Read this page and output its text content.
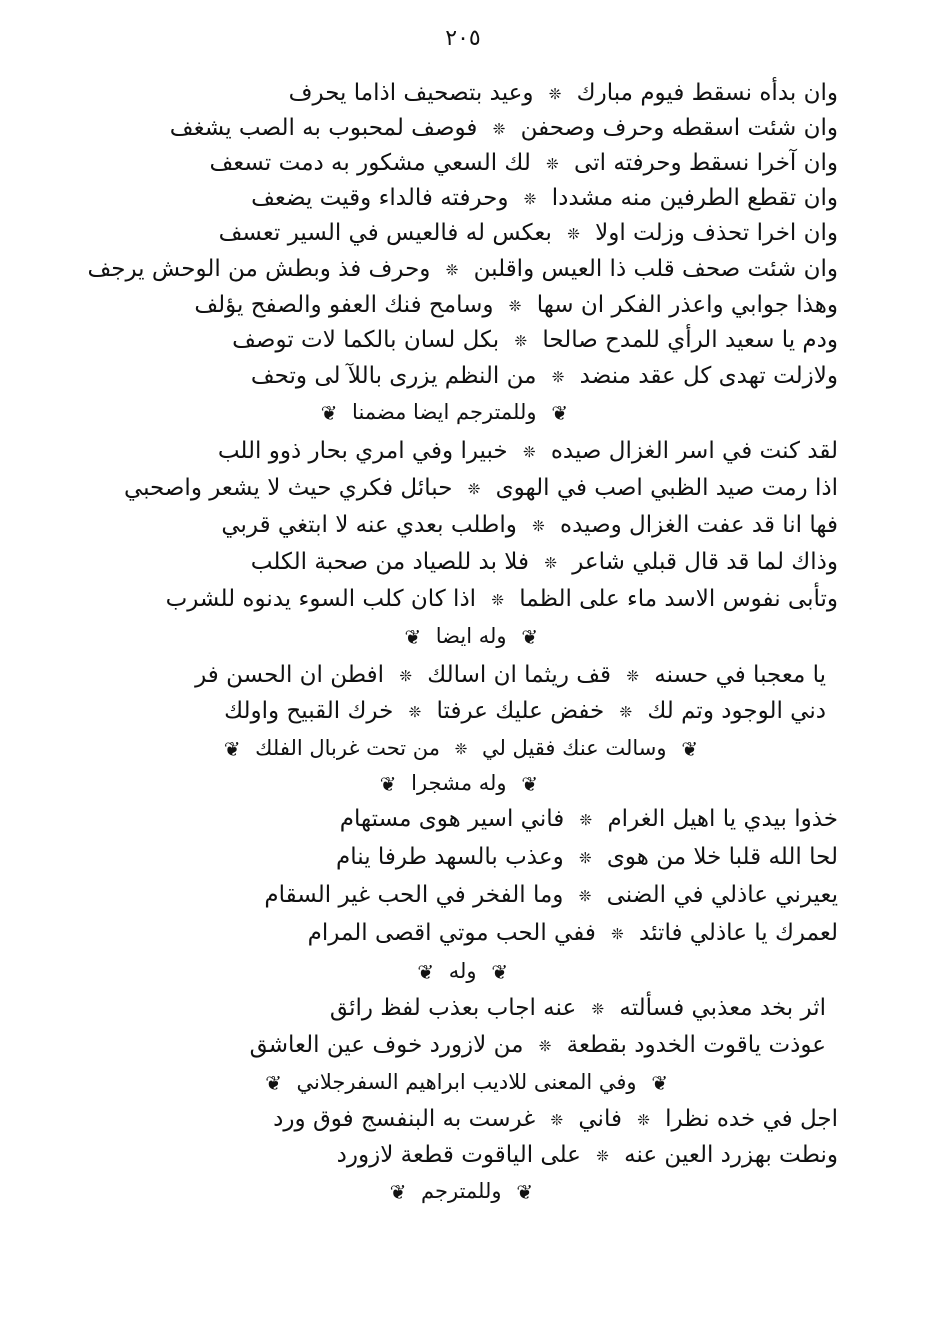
٢٠٥
وان بدأه نسقط فيوم مبارك ❊ وعيد بتصحيف اذاما يحرف
وان شئت اسقطه وحرف وصحفن ❊ فوصف لمحبوب به الصب يشغف
وان آخرا نسقط وحرفته اتى ❊ لك السعي مشكور به دمت تسعف
وان تقطع الطرفين منه مشددا ❊ وحرفته فالداء وقيت يضعف
وان اخرا تحذف وزلت اولا ❊ بعكس له فالعيس في السير تعسف
وان شئت صحف قلب ذا العيس واقلبن ❊ وحرف فذ وبطش من الوحش يرجف
وهذا جوابي واعذر الفكر ان سها ❊ وسامح فنك العفو والصفح يؤلف
ودم يا سعيد الرأي للمدح صالحا ❊ بكل لسان بالكما لات توصف
ولازلت تهدى كل عقد منضد ❊ من النظم يزرى باللآ لى وتحف
❦ وللمترجم ايضا مضمنا ❦
لقد كنت في اسر الغزال صيده ❊ خبيرا وفي امري بحار ذوو اللب
اذا رمت صيد الظبي اصب في الهوى ❊ حبائل فكري حيث لا يشعر واصحبي
فها انا قد عفت الغزال وصيده ❊ واطلب بعدي عنه لا ابتغي قربي
وذاك لما قد قال قبلي شاعر ❊ فلا بد للصياد من صحبة الكلب
وتأبى نفوس الاسد ماء على الظما ❊ اذا كان كلب السوء يدنوه للشرب
❦ وله ايضا ❦
يا معجبا في حسنه ❊ قف ريثما ان اسالك ❊ افطن ان الحسن فر
دني الوجود وتم لك ❊ خفض عليك عرفتا ❊ خرك القبيح واولك
❦ وسالت عنك فقيل لي ❊ من تحت غربال الفلك ❦
❦ وله مشجرا ❦
خذوا بيدي يا اهيل الغرام ❊ فاني اسير هوى مستهام
لحا الله قلبا خلا من هوى ❊ وعذب بالسهد طرفا ينام
يعيرني عاذلي في الضنى ❊ وما الفخر في الحب غير السقام
لعمرك يا عاذلي فاتئد ❊ ففي الحب موتي اقصى المرام
❦ وله ❦
اثر بخد معذبي فسألته ❊ عنه اجاب بعذب لفظ رائق
عوذت ياقوت الخدود بقطعة ❊ من لازورد خوف عين العاشق
❦ وفي المعنى للاديب ابراهيم السفرجلاني ❦
اجل في خده نظرا ❊ فاني ❊ غرست به البنفسج فوق ورد
ونطت بهزرد العين عنه ❊ على الياقوت قطعة لازورد
❦ وللمترجم ❦
